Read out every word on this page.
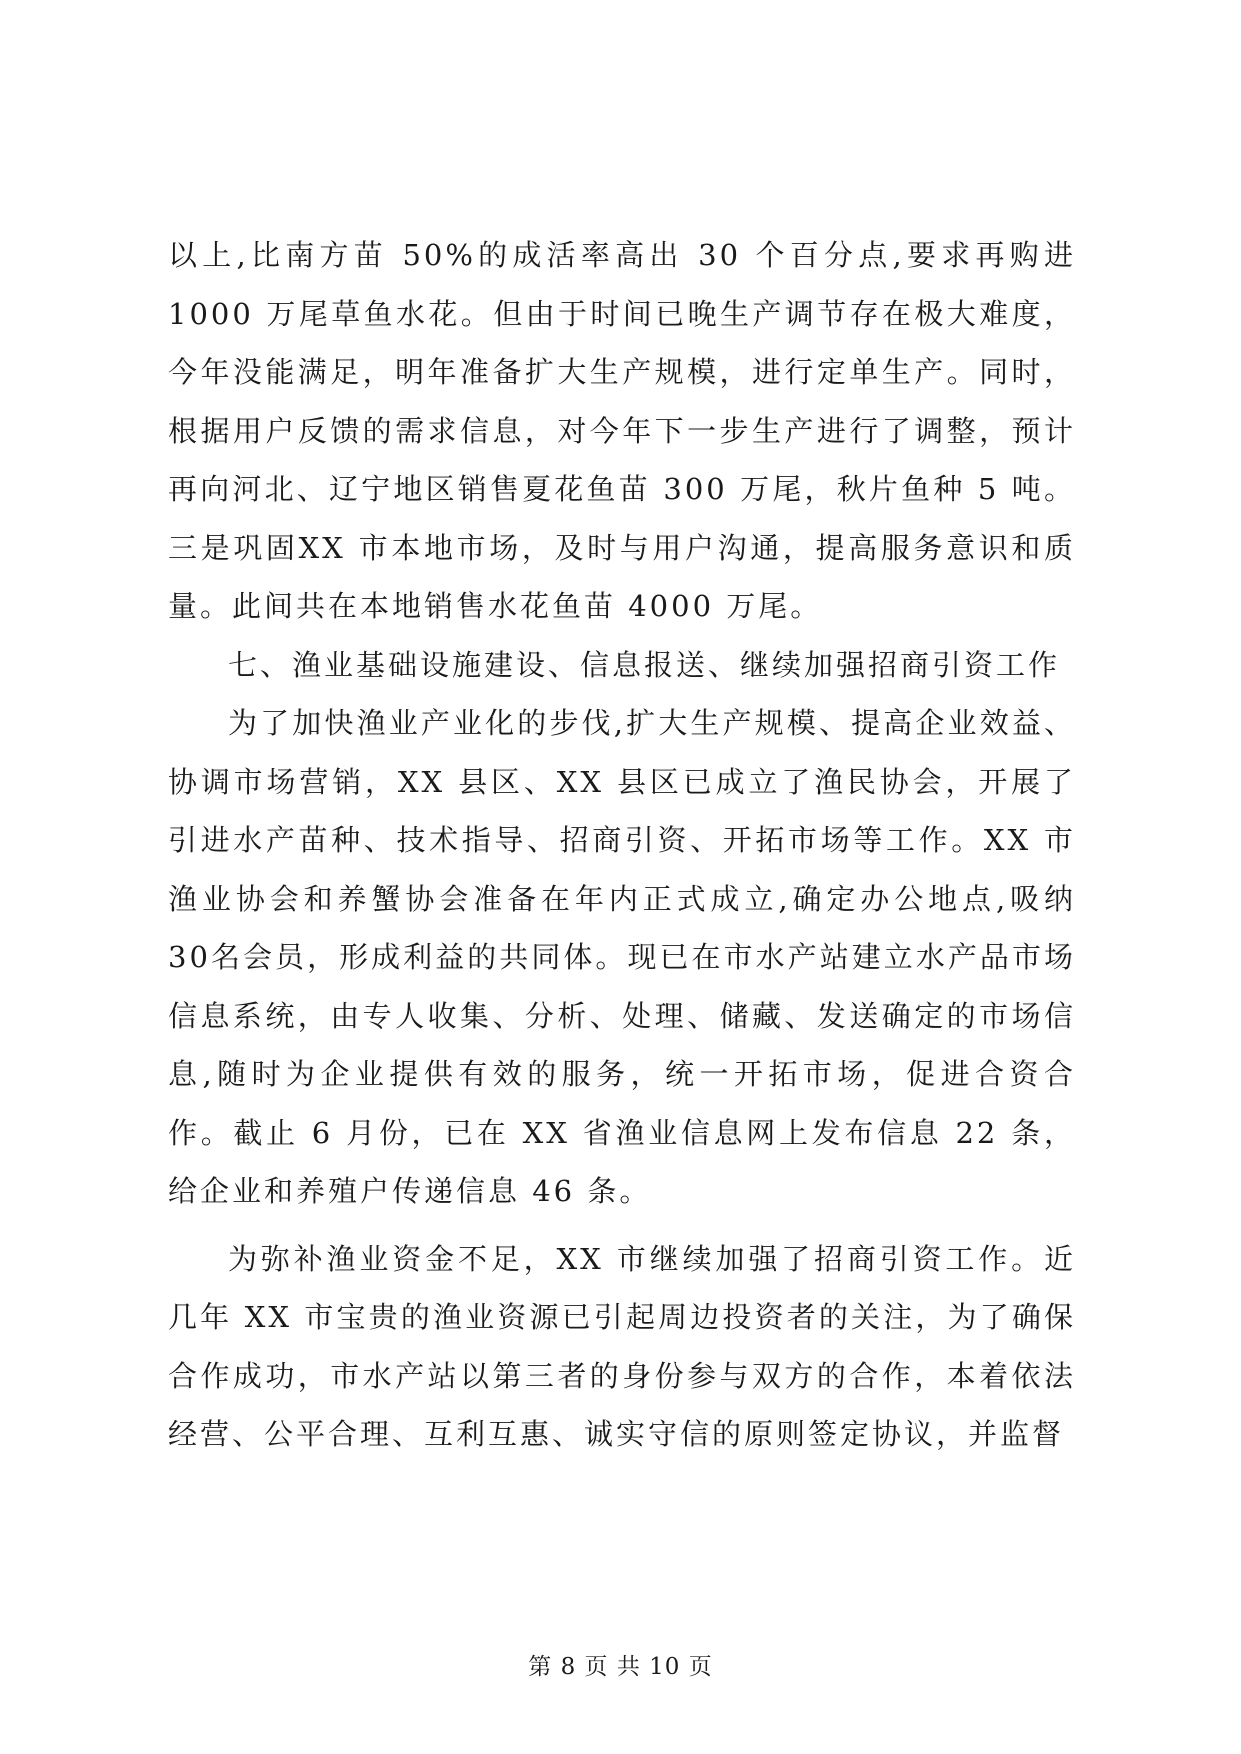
以上,比南方苗 50%的成活率高出 30 个百分点,要求再购进 1000 万尾草鱼水花。但由于时间已晚生产调节存在极大难度，今年没能满足，明年准备扩大生产规模，进行定单生产。同时，根据用户反馈的需求信息，对今年下一步生产进行了调整，预计再向河北、辽宁地区销售夏花鱼苗 300 万尾，秋片鱼种 5 吨。三是巩固XX 市本地市场，及时与用户沟通，提高服务意识和质量。此间共在本地销售水花鱼苗 4000 万尾。

七、渔业基础设施建设、信息报送、继续加强招商引资工作

为了加快渔业产业化的步伐,扩大生产规模、提高企业效益、协调市场营销，XX 县区、XX 县区已成立了渔民协会，开展了引进水产苗种、技术指导、招商引资、开拓市场等工作。XX 市渔业协会和养蟹协会准备在年内正式成立,确定办公地点,吸纳 30名会员，形成利益的共同体。现已在市水产站建立水产品市场信息系统，由专人收集、分析、处理、储藏、发送确定的市场信息,随时为企业提供有效的服务，统一开拓市场，促进合资合作。截止 6 月份，已在 XX 省渔业信息网上发布信息 22 条，给企业和养殖户传递信息 46 条。

为弥补渔业资金不足，XX 市继续加强了招商引资工作。近几年 XX 市宝贵的渔业资源已引起周边投资者的关注，为了确保合作成功，市水产站以第三者的身份参与双方的合作，本着依法经营、公平合理、互利互惠、诚实守信的原则签定协议，并监督

第 8 页 共 10 页
